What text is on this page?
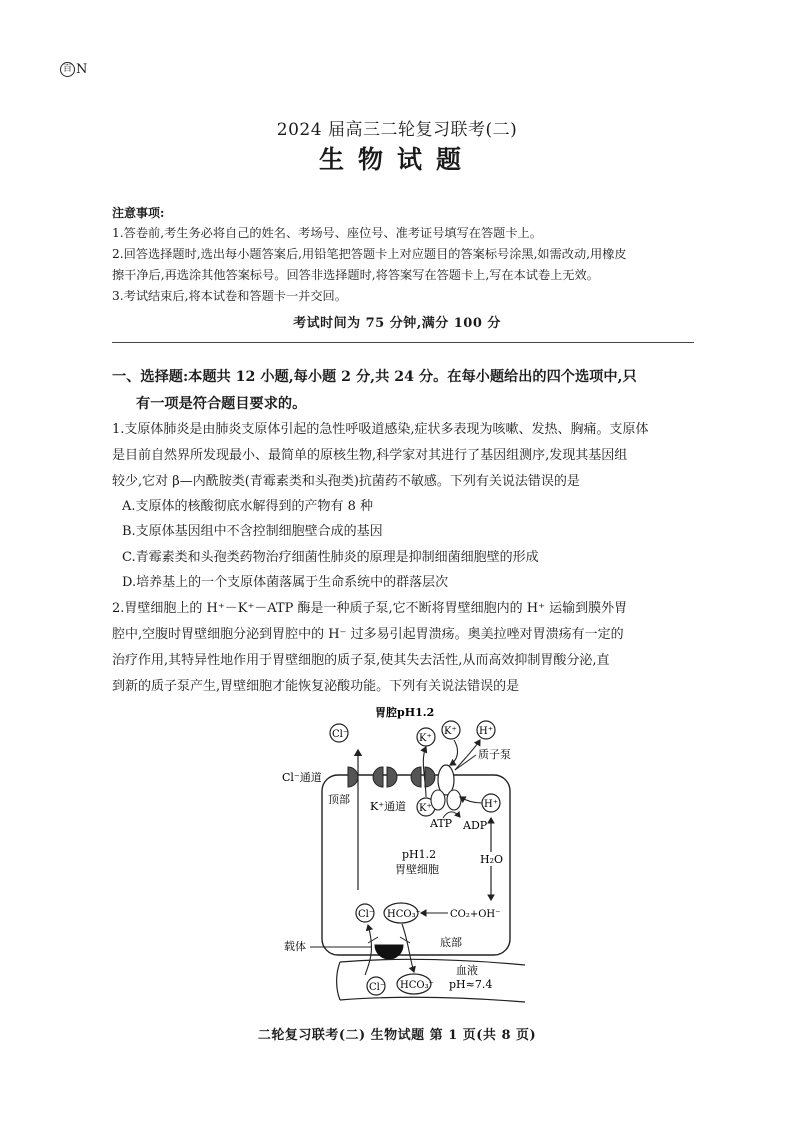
百 N
2024 届高三二轮复习联考(二)
生物试题
注意事项:
1.答卷前,考生务必将自己的姓名、考场号、座位号、准考证号填写在答题卡上。
2.回答选择题时,选出每小题答案后,用铅笔把答题卡上对应题目的答案标号涂黑,如需改动,用橡皮
擦干净后,再选涂其他答案标号。回答非选择题时,将答案写在答题卡上,写在本试卷上无效。
3.考试结束后,将本试卷和答题卡一并交回。
考试时间为 75 分钟,满分 100 分
一、选择题:本题共 12 小题,每小题 2 分,共 24 分。在每小题给出的四个选项中,只
有一项是符合题目要求的。
1.支原体肺炎是由肺炎支原体引起的急性呼吸道感染,症状多表现为咳嗽、发热、胸痛。支原体
是目前自然界所发现最小、最简单的原核生物,科学家对其进行了基因组测序,发现其基因组
较少,它对 β—内酰胺类(青霉素类和头孢类)抗菌药不敏感。下列有关说法错误的是
A.支原体的核酸彻底水解得到的产物有 8 种
B.支原体基因组中不含控制细胞壁合成的基因
C.青霉素类和头孢类药物治疗细菌性肺炎的原理是抑制细菌细胞壁的形成
D.培养基上的一个支原体菌落属于生命系统中的群落层次
2.胃壁细胞上的 H⁺－K⁺－ATP 酶是一种质子泵,它不断将胃壁细胞内的 H⁺ 运输到膜外胃
腔中,空腹时胃壁细胞分泌到胃腔中的 H⁻ 过多易引起胃溃疡。奥美拉唑对胃溃疡有一定的
治疗作用,其特异性地作用于胃壁细胞的质子泵,使其失去活性,从而高效抑制胃酸分泌,直
到新的质子泵产生,胃壁细胞才能恢复泌酸功能。下列有关说法错误的是
胃腔pH1.2
Cl⁻
Cl⁻通道
顶部
K⁺通道
K⁺
K⁺
K⁺
质子泵
H⁺
H⁺
ATP ADP
pH1.2
胃壁细胞
H₂O
Cl⁻ HCO₃⁻	CO₂+OH⁻
载体	底部
Cl⁻ HCO₃⁻
血液
pH≈7.4
二轮复习联考(二) 生物试题 第 1 页(共 8 页)
